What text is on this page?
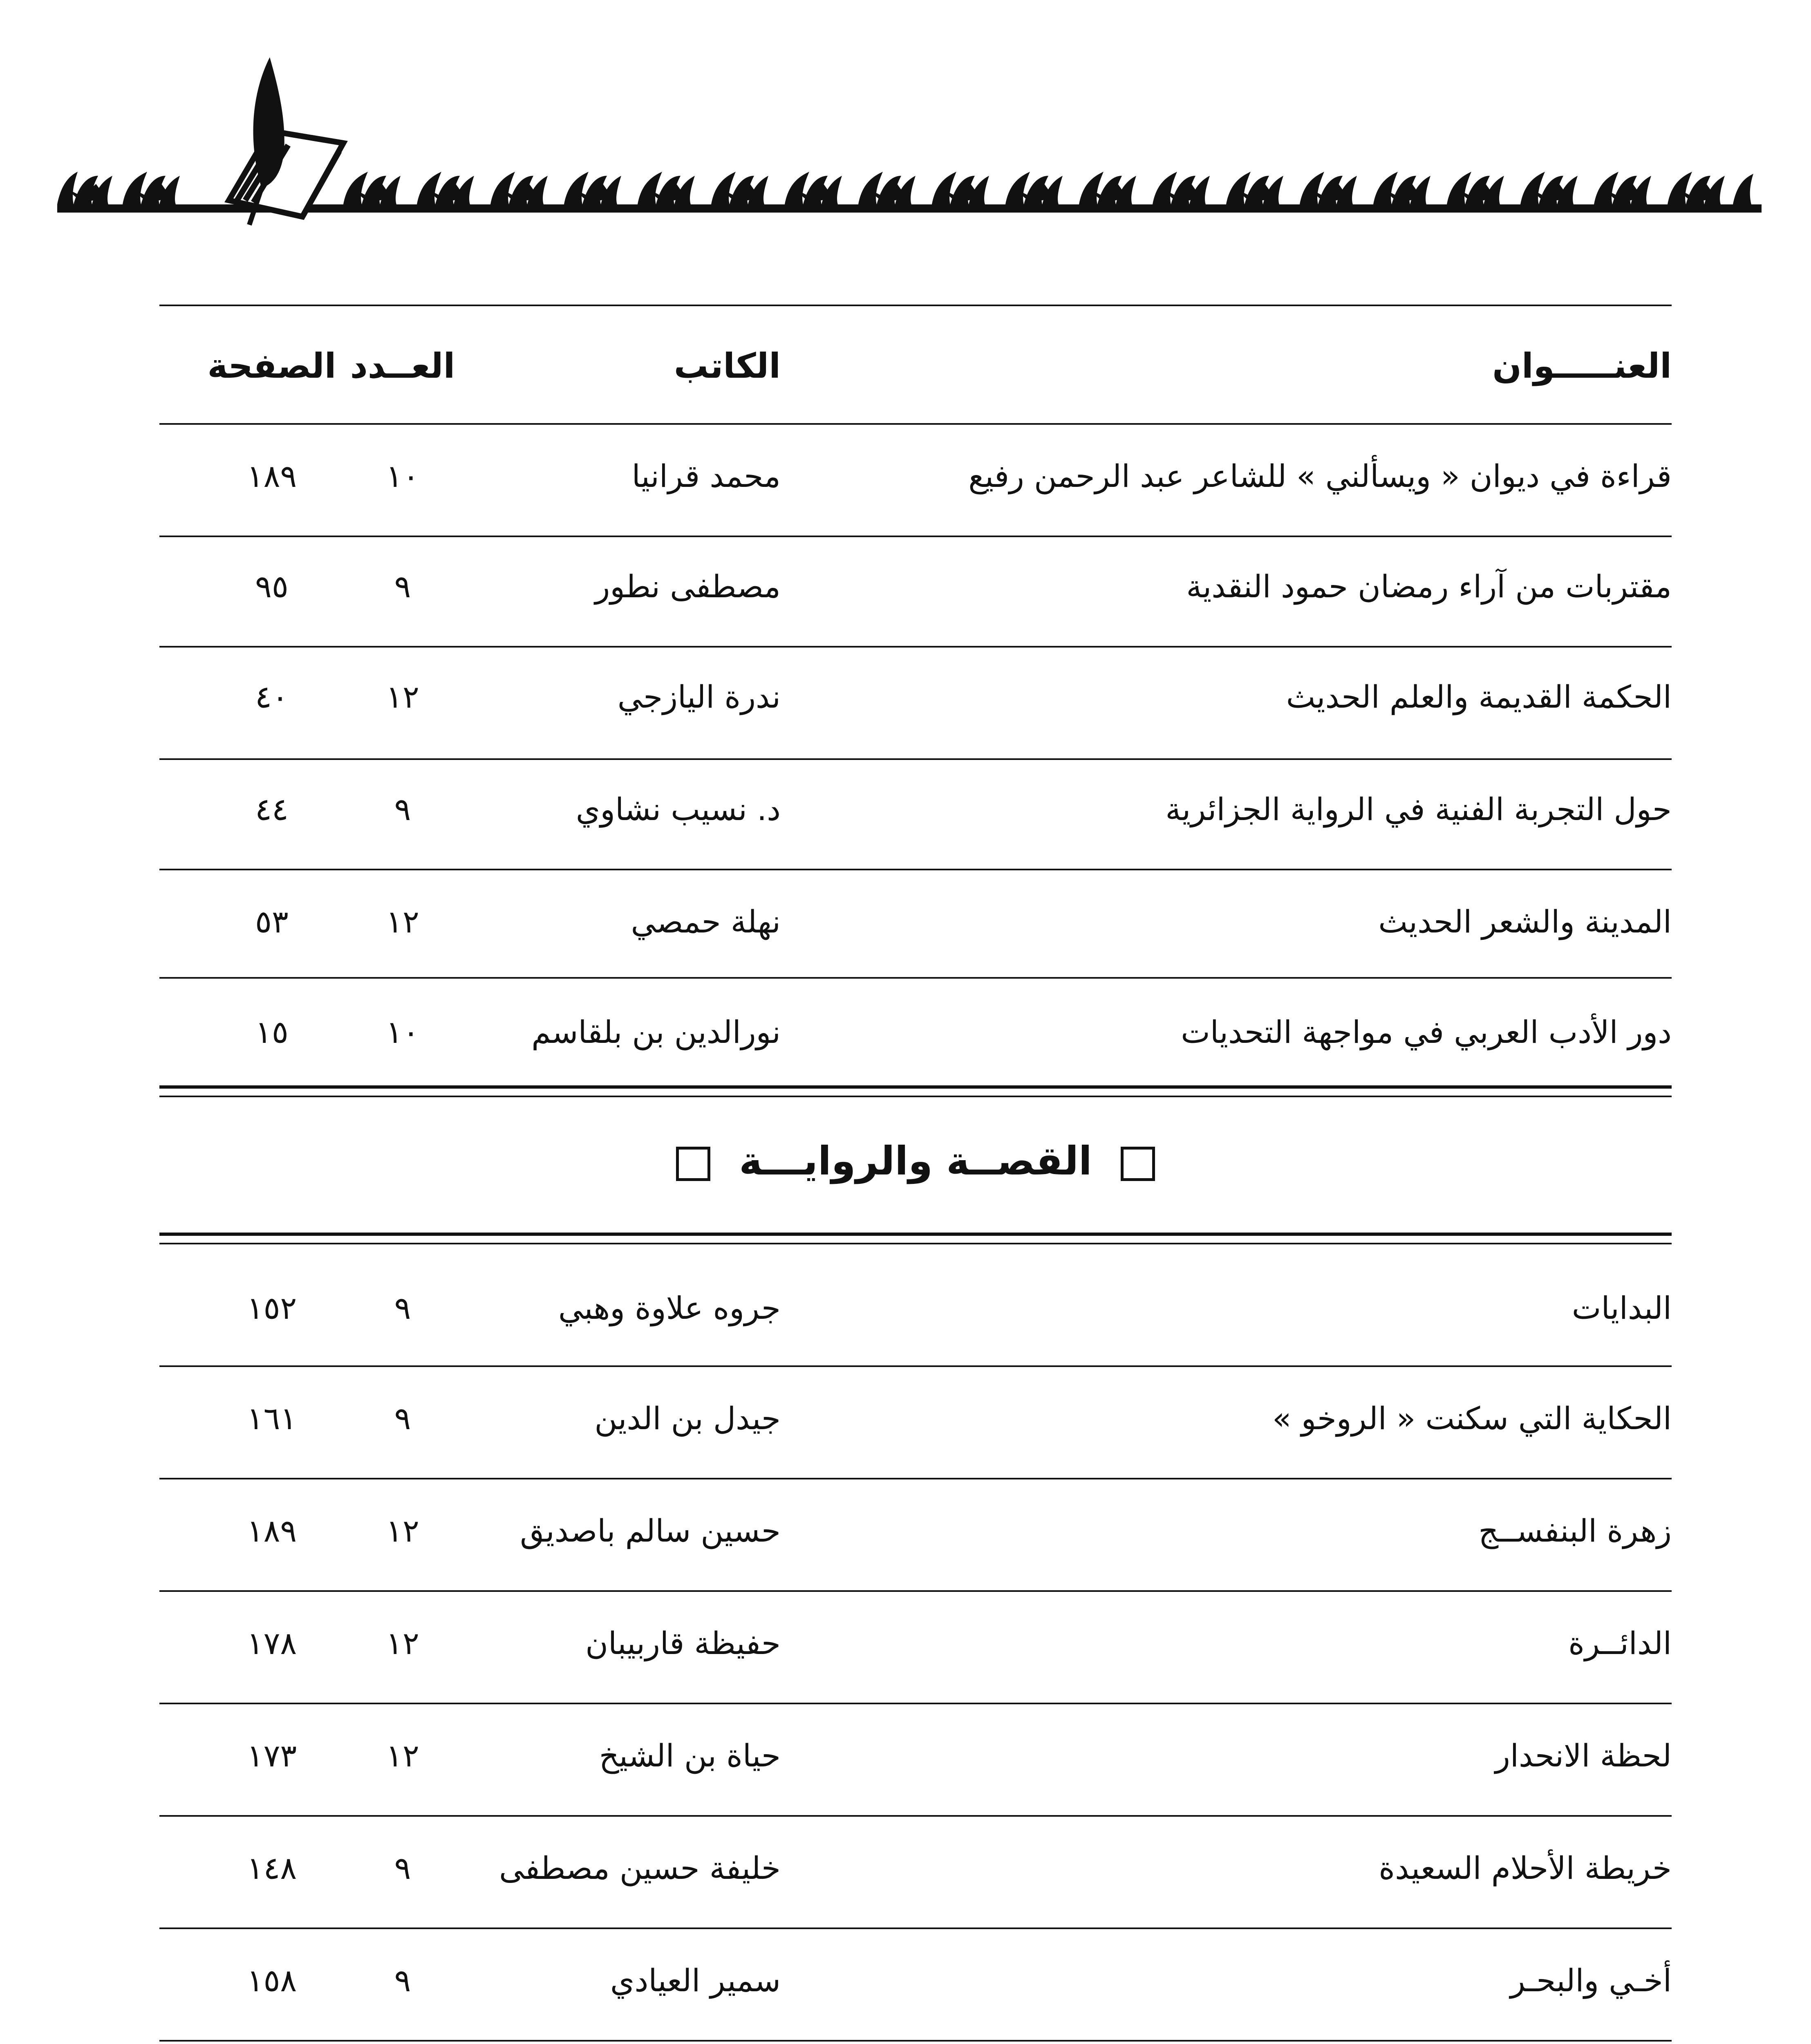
العنـــــوان
الكاتب
العــدد
الصفحة
قراءة في ديوان « ويسألني » للشاعر عبد الرحمن رفيع
محمد قرانيا
١٠
١٨٩
مقتربات من آراء رمضان حمود النقدية
مصطفى نطور
٩
٩٥
الحكمة القديمة والعلم الحديث
ندرة اليازجي
١٢
٤٠
حول التجربة الفنية في الرواية الجزائرية
د. نسيب نشاوي
٩
٤٤
المدينة والشعر الحديث
نهلة حمصي
١٢
٥٣
دور الأدب العربي في مواجهة التحديات
نورالدين بن بلقاسم
١٠
١٥
القصــة والروايـــة
البدايات
جروه علاوة وهبي
٩
١٥٢
الحكاية التي سكنت « الروخو »
جيدل بن الدين
٩
١٦١
زهرة البنفســج
حسين سالم باصديق
١٢
١٨٩
الدائــرة
حفيظة قاربيبان
١٢
١٧٨
لحظة الانحدار
حياة بن الشيخ
١٢
١٧٣
خريطة الأحلام السعيدة
خليفة حسين مصطفى
٩
١٤٨
أخـي والبحـر
سمير العيادي
٩
١٥٨
